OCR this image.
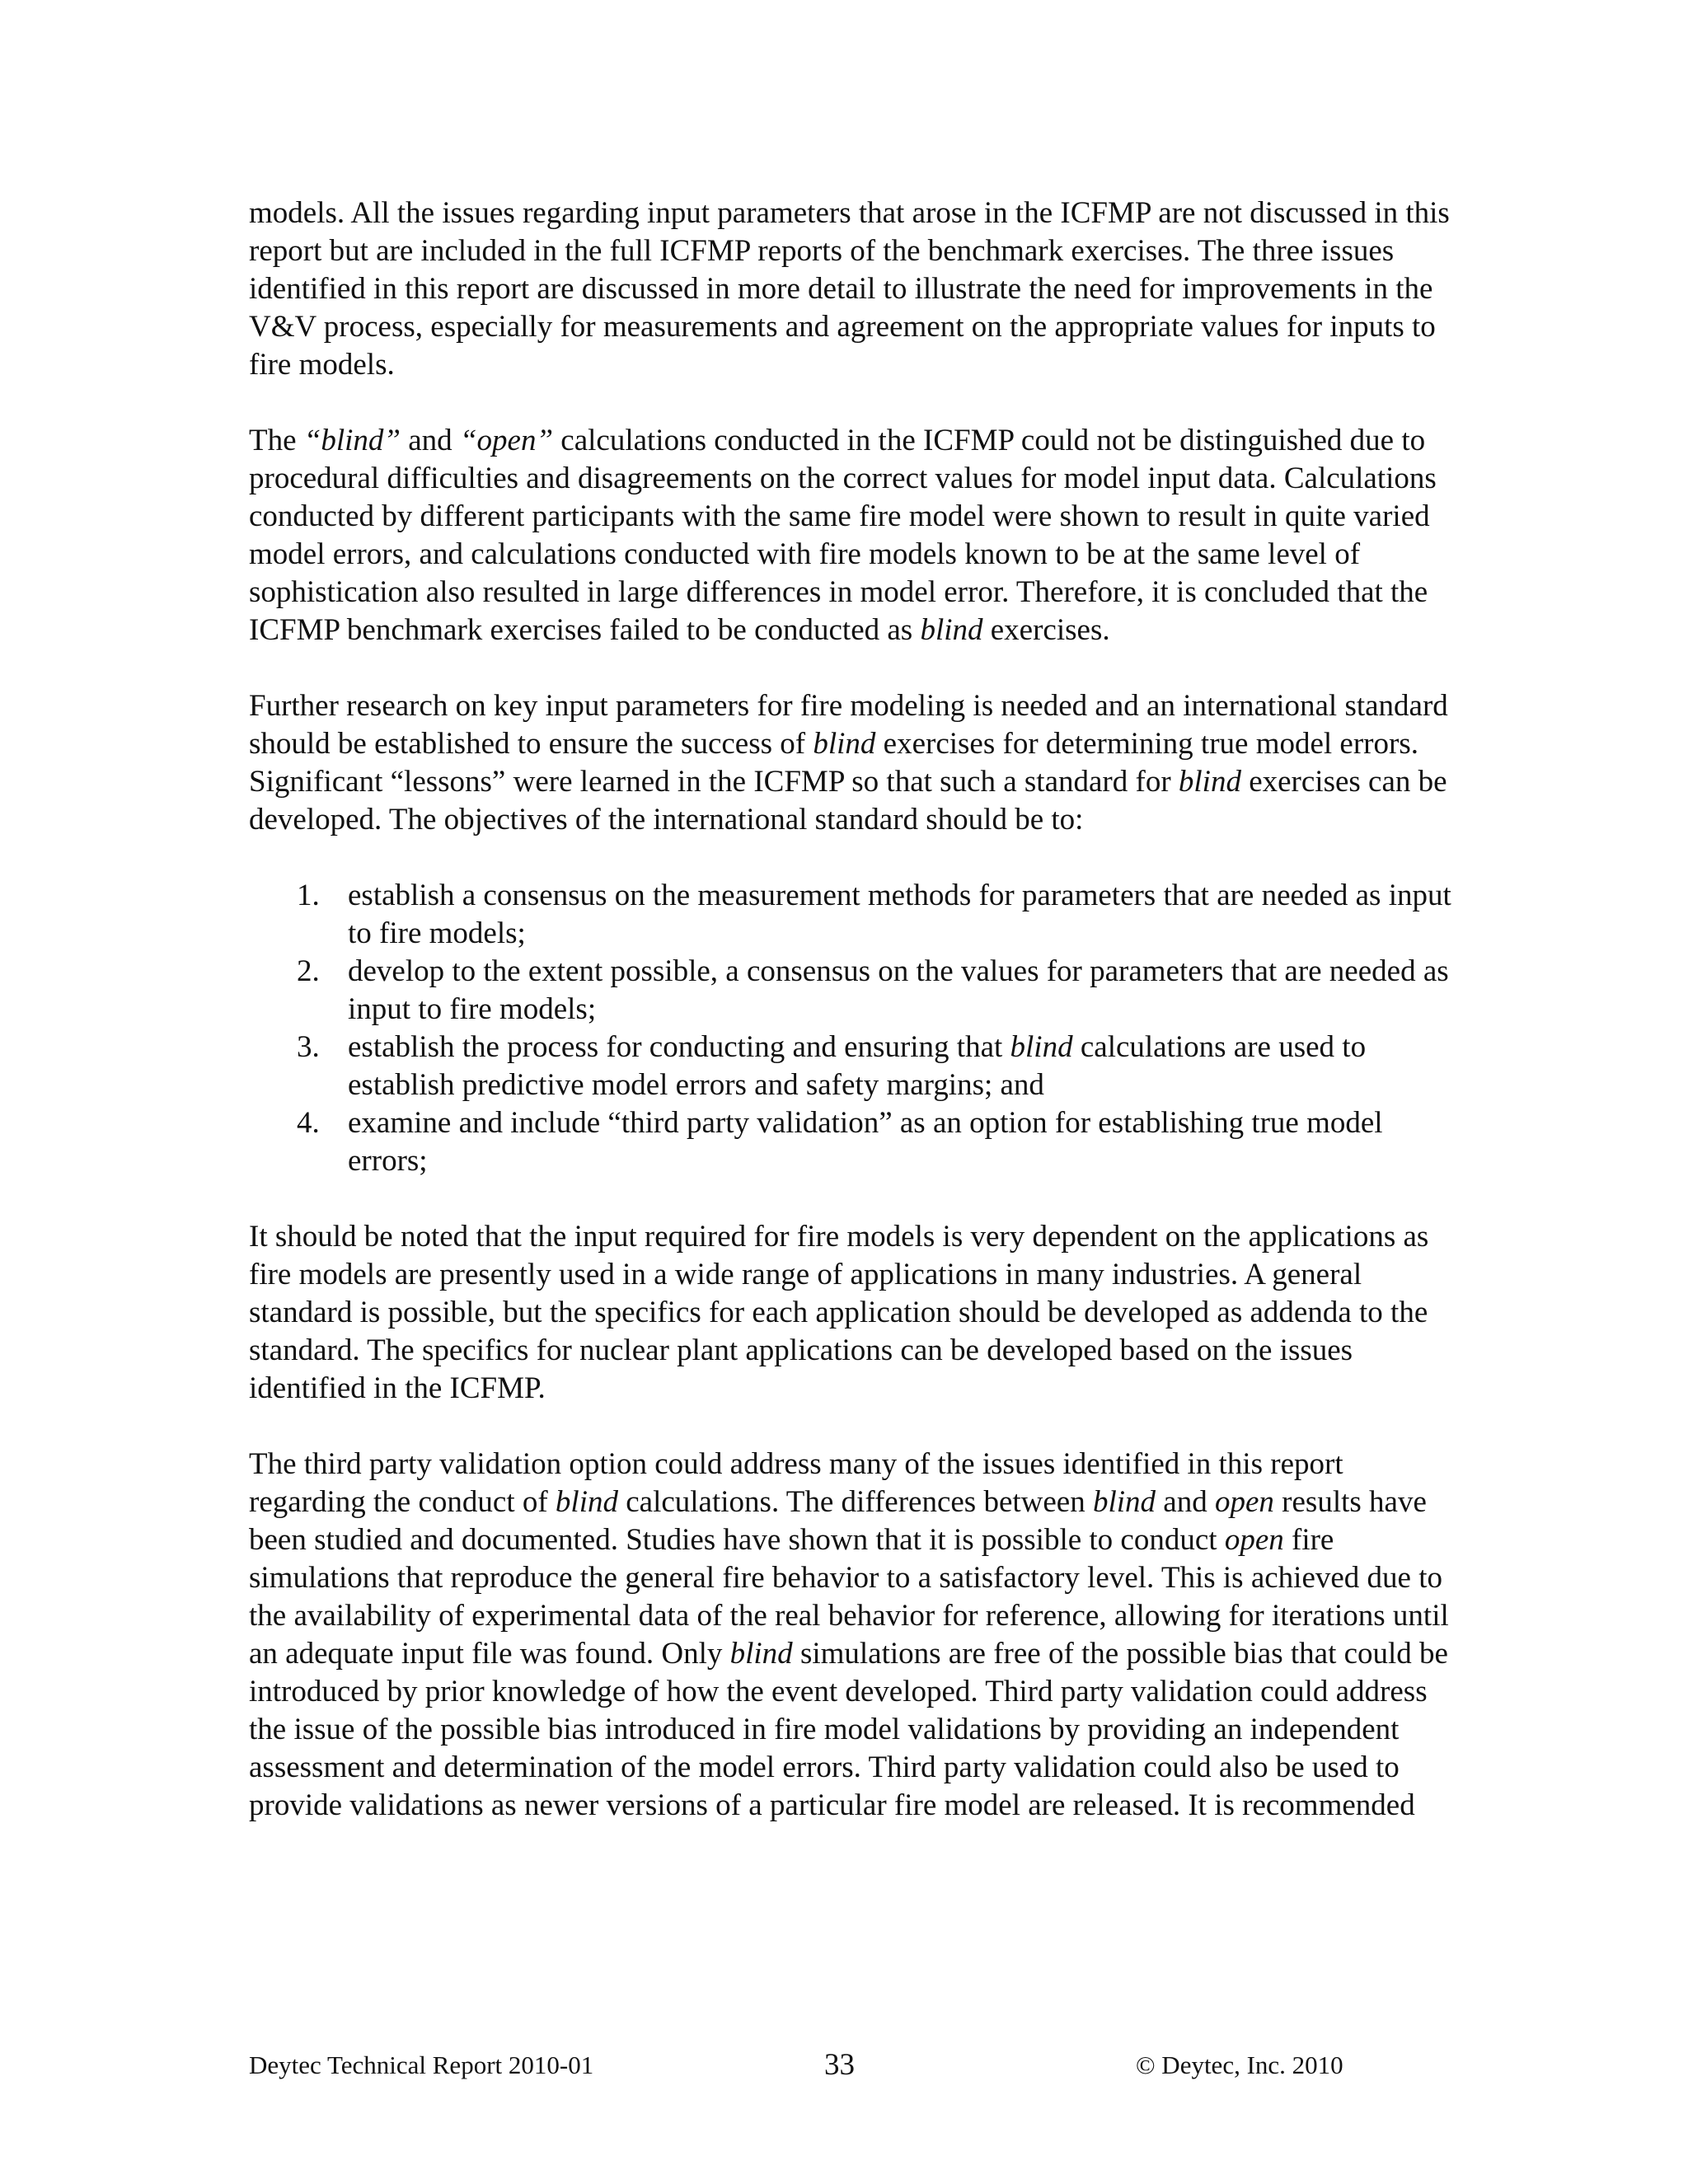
models. All the issues regarding input parameters that arose in the ICFMP are not discussed in this report but are included in the full ICFMP reports of the benchmark exercises. The three issues identified in this report are discussed in more detail to illustrate the need for improvements in the V&V process, especially for measurements and agreement on the appropriate values for inputs to fire models.

The “blind” and “open” calculations conducted in the ICFMP could not be distinguished due to procedural difficulties and disagreements on the correct values for model input data. Calculations conducted by different participants with the same fire model were shown to result in quite varied model errors, and calculations conducted with fire models known to be at the same level of sophistication also resulted in large differences in model error. Therefore, it is concluded that the ICFMP benchmark exercises failed to be conducted as blind exercises.

Further research on key input parameters for fire modeling is needed and an international standard should be established to ensure the success of blind exercises for determining true model errors. Significant “lessons” were learned in the ICFMP so that such a standard for blind exercises can be developed. The objectives of the international standard should be to:

1. establish a consensus on the measurement methods for parameters that are needed as input to fire models;
2. develop to the extent possible, a consensus on the values for parameters that are needed as input to fire models;
3. establish the process for conducting and ensuring that blind calculations are used to establish predictive model errors and safety margins; and
4. examine and include “third party validation” as an option for establishing true model errors;

It should be noted that the input required for fire models is very dependent on the applications as fire models are presently used in a wide range of applications in many industries. A general standard is possible, but the specifics for each application should be developed as addenda to the standard. The specifics for nuclear plant applications can be developed based on the issues identified in the ICFMP.

The third party validation option could address many of the issues identified in this report regarding the conduct of blind calculations. The differences between blind and open results have been studied and documented. Studies have shown that it is possible to conduct open fire simulations that reproduce the general fire behavior to a satisfactory level. This is achieved due to the availability of experimental data of the real behavior for reference, allowing for iterations until an adequate input file was found. Only blind simulations are free of the possible bias that could be introduced by prior knowledge of how the event developed. Third party validation could address the issue of the possible bias introduced in fire model validations by providing an independent assessment and determination of the model errors. Third party validation could also be used to provide validations as newer versions of a particular fire model are released. It is recommended

Deytec Technical Report 2010-01	33	© Deytec, Inc. 2010
